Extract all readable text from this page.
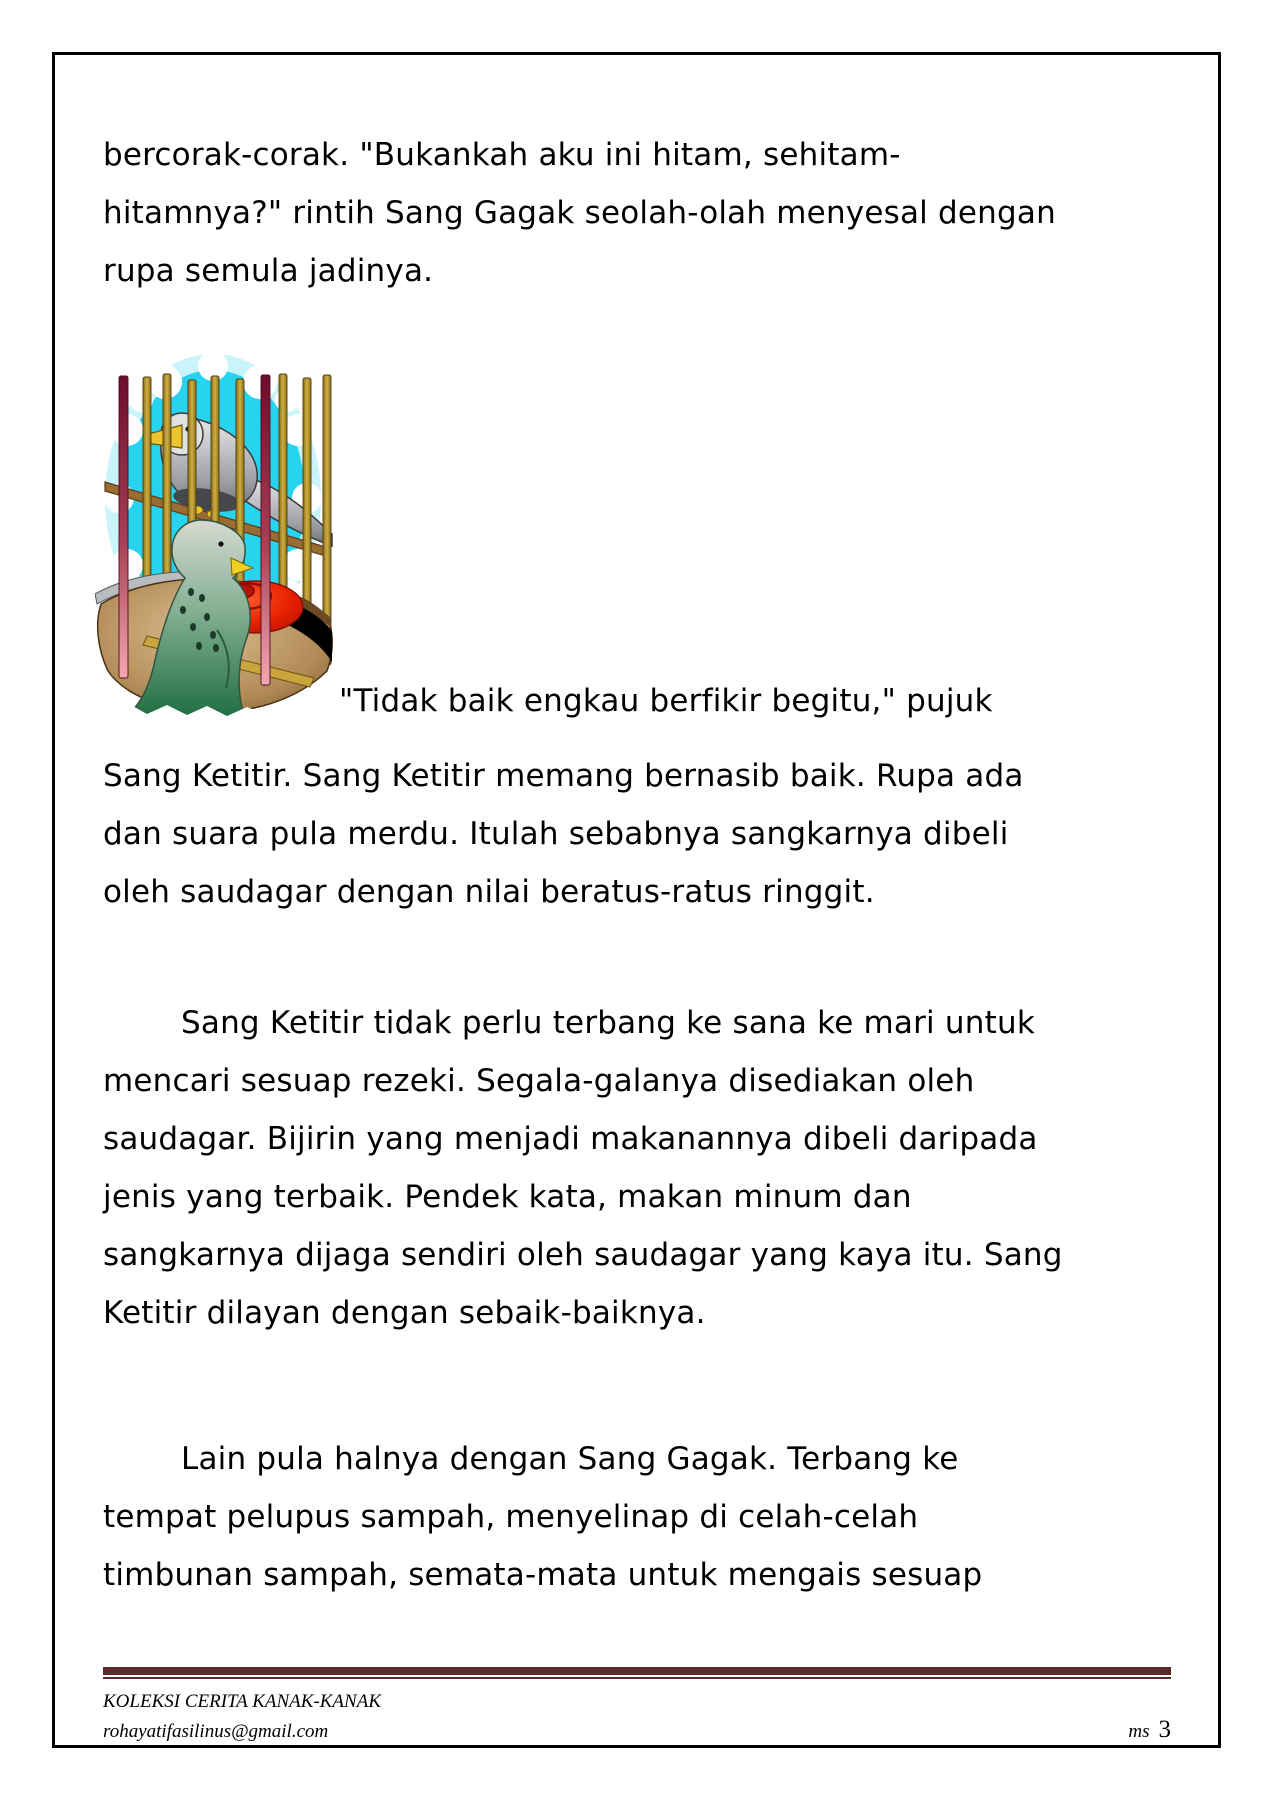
bercorak-corak. "Bukankah aku ini hitam, sehitam-
hitamnya?" rintih Sang Gagak seolah-olah menyesal dengan
rupa semula jadinya.
"Tidak baik engkau berfikir begitu," pujuk
Sang Ketitir. Sang Ketitir memang bernasib baik. Rupa ada
dan suara pula merdu. Itulah sebabnya sangkarnya dibeli
oleh saudagar dengan nilai beratus-ratus ringgit.
Sang Ketitir tidak perlu terbang ke sana ke mari untuk
mencari sesuap rezeki. Segala-galanya disediakan oleh
saudagar. Bijirin yang menjadi makanannya dibeli daripada
jenis yang terbaik. Pendek kata, makan minum dan
sangkarnya dijaga sendiri oleh saudagar yang kaya itu. Sang
Ketitir dilayan dengan sebaik-baiknya.
Lain pula halnya dengan Sang Gagak. Terbang ke
tempat pelupus sampah, menyelinap di celah-celah
timbunan sampah, semata-mata untuk mengais sesuap
KOLEKSI CERITA KANAK-KANAK
rohayatifasilinus@gmail.com	ms 3
